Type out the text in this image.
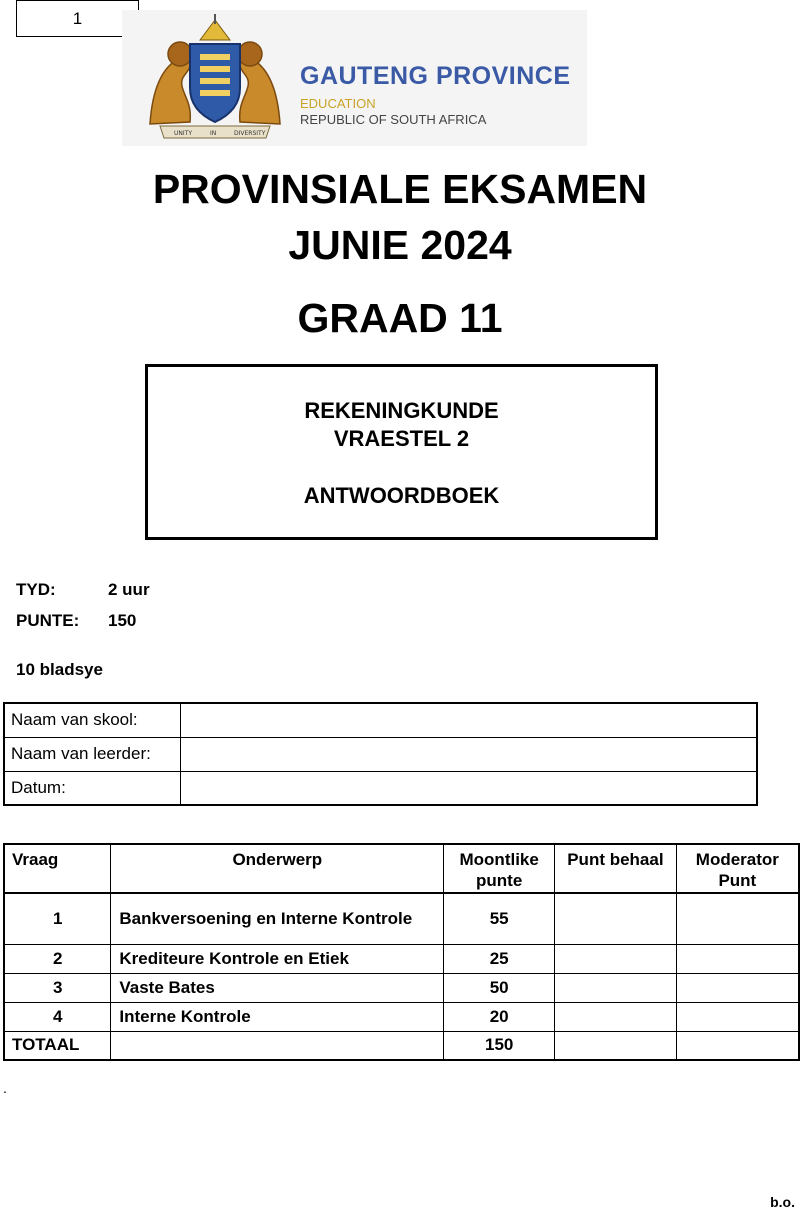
1
UNITY	IN	DIVERSITY
GAUTENG PROVINCE
EDUCATION
REPUBLIC OF SOUTH AFRICA
PROVINSIALE EKSAMEN
JUNIE 2024
GRAAD 11
REKENINGKUNDE
VRAESTEL 2
ANTWOORDBOEK
TYD:	2 uur
PUNTE: 150
10 bladsye
Naam van skool:	
Naam van leerder:	
Datum:	
Vraag	Onderwerp	Moontlike punte	Punt behaal	Moderator Punt
1	Bankversoening en Interne Kontrole	55		
2	Krediteure Kontrole en Etiek	25		
3	Vaste Bates	50		
4	Interne Kontrole	20		
TOTAAL		150		
.
b.o.
